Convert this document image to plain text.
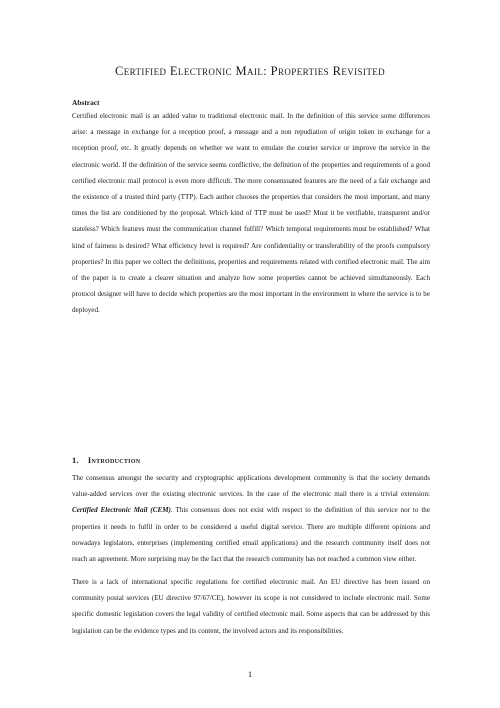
Certified Electronic Mail: Properties Revisited
Abstract
Certified electronic mail is an added value to traditional electronic mail. In the definition of this service some differences arise: a message in exchange for a reception proof, a message and a non repudiation of origin token in exchange for a reception proof, etc. It greatly depends on whether we want to emulate the courier service or improve the service in the electronic world. If the definition of the service seems conflictive, the definition of the properties and requirements of a good certified electronic mail protocol is even more difficult. The more consensuated features are the need of a fair exchange and the existence of a trusted third party (TTP). Each author chooses the properties that considers the most important, and many times the list are conditioned by the proposal. Which kind of TTP must be used? Must it be verifiable, transparent and/or stateless? Which features must the communication channel fulfill? Which temporal requirements must be established? What kind of fairness is desired? What efficiency level is required? Are confidentiality or transferability of the proofs compulsory properties? In this paper we collect the definitions, properties and requirements related with certified electronic mail. The aim of the paper is to create a clearer situation and analyze how some properties cannot be achieved simultaneously. Each protocol designer will have to decide which properties are the most important in the environment in where the service is to be deployed.
1. Introduction
The consensus amongst the security and cryptographic applications development community is that the society demands value-added services over the existing electronic services. In the case of the electronic mail there is a trivial extension: Certified Electronic Mail (CEM). This consensus does not exist with respect to the definition of this service nor to the properties it needs to fulfil in order to be considered a useful digital service. There are multiple different opinions and nowadays legislators, enterprises (implementing certified email applications) and the research community itself does not reach an agreement. More surprising may be the fact that the research community has not reached a common view either.
There is a lack of international specific regulations for certified electronic mail. An EU directive has been issued on community postal services (EU directive 97/67/CE), however its scope is not considered to include electronic mail. Some specific domestic legislation covers the legal validity of certified electronic mail. Some aspects that can be addressed by this legislation can be the evidence types and its content, the involved actors and its responsibilities.
1
